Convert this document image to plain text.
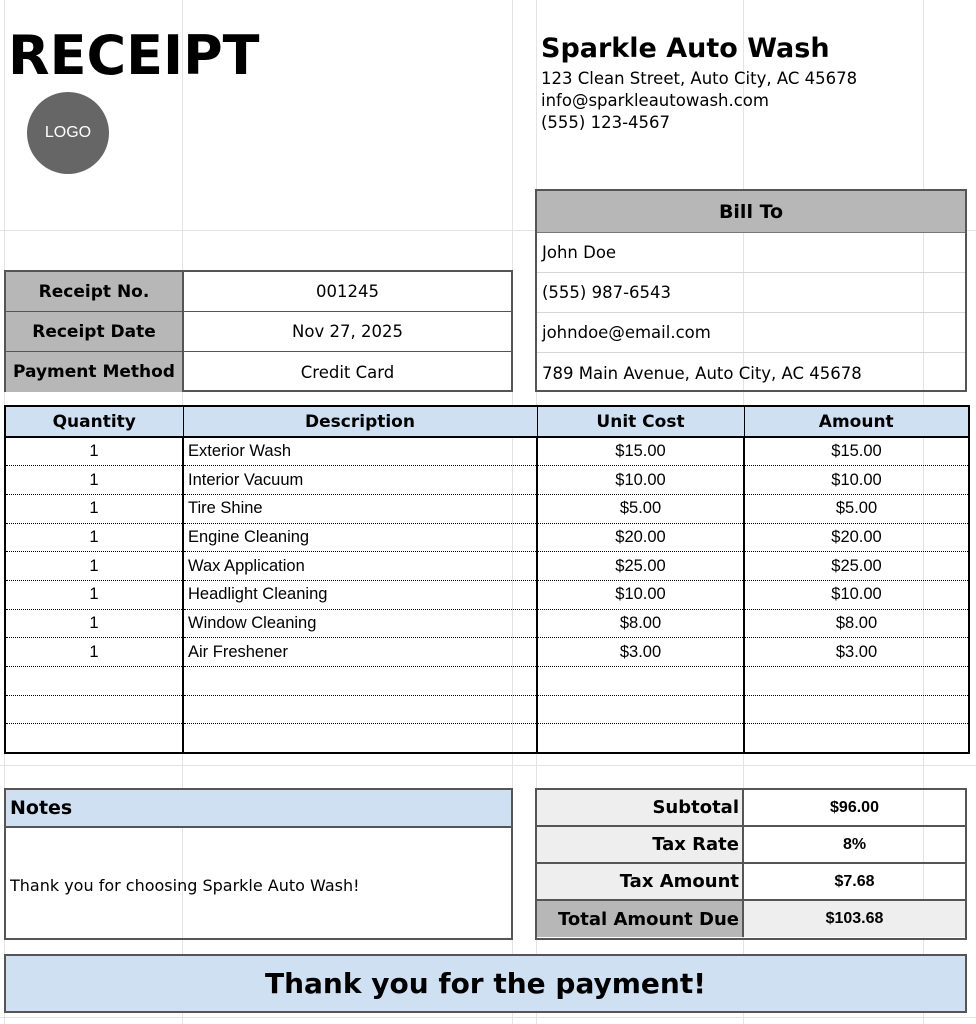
RECEIPT
LOGO
Sparkle Auto Wash
123 Clean Street, Auto City, AC 45678
info@sparkleautowash.com
(555) 123-4567
Bill To
John Doe
(555) 987-6543
johndoe@email.com
789 Main Avenue, Auto City, AC 45678
Receipt No.	001245
Receipt Date	Nov 27, 2025
Payment Method	Credit Card
Quantity	Description	Unit Cost	Amount
1	Exterior Wash	$15.00	$15.00
1	Interior Vacuum	$10.00	$10.00
1	Tire Shine	$5.00	$5.00
1	Engine Cleaning	$20.00	$20.00
1	Wax Application	$25.00	$25.00
1	Headlight Cleaning	$10.00	$10.00
1	Window Cleaning	$8.00	$8.00
1	Air Freshener	$3.00	$3.00

Notes
Thank you for choosing Sparkle Auto Wash!
Subtotal	$96.00
Tax Rate	8%
Tax Amount	$7.68
Total Amount Due	$103.68
Thank you for the payment!
